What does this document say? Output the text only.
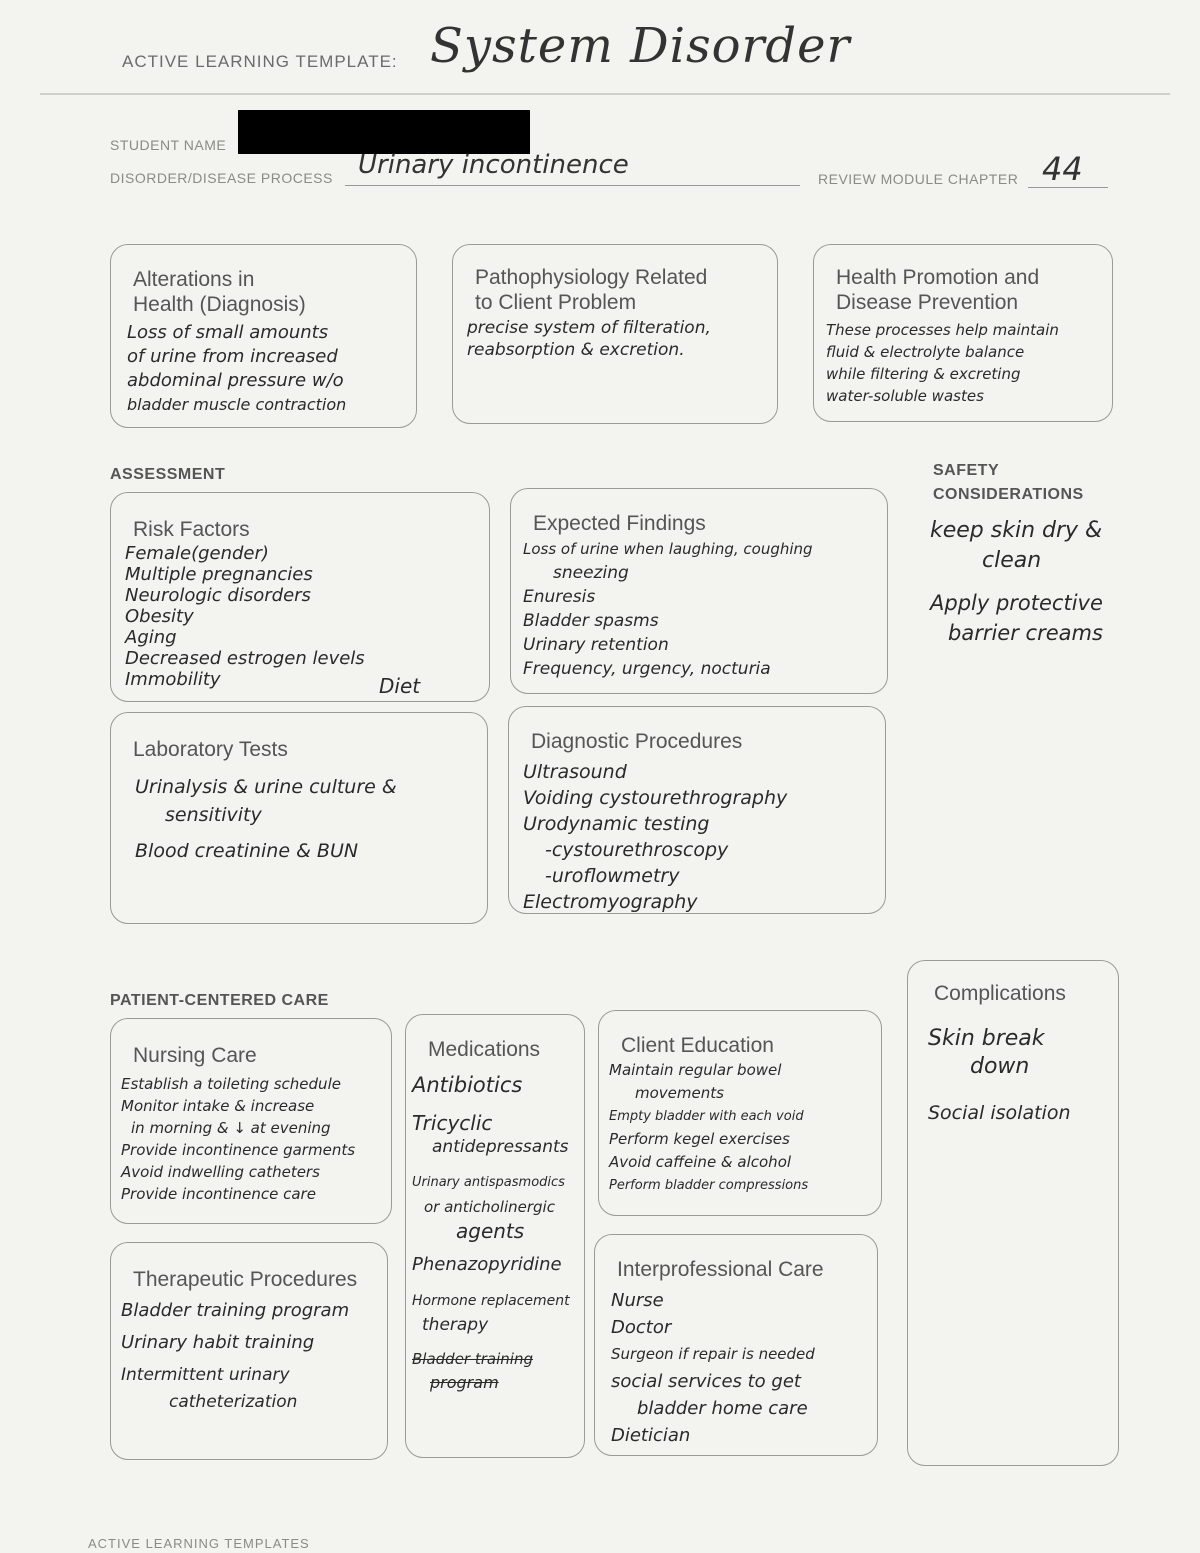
ACTIVE LEARNING TEMPLATE: System Disorder
STUDENT NAME
DISORDER/DISEASE PROCESS Urinary incontinence	REVIEW MODULE CHAPTER 44
Alterations in
Health (Diagnosis)
Loss of small amounts
of urine from increased
abdominal pressure w/o
bladder muscle contraction
Pathophysiology Related
to Client Problem
precise system of filteration,
reabsorption & excretion.
Health Promotion and
Disease Prevention
These processes help maintain
fluid & electrolyte balance
while filtering & excreting
water-soluble wastes
ASSESSMENT
Risk Factors
Female(gender)
Multiple pregnancies
Neurologic disorders
Obesity
Aging
Decreased estrogen levels
Immobility	Diet
Expected Findings
Loss of urine when laughing, coughing
sneezing
Enuresis
Bladder spasms
Urinary retention
Frequency, urgency, nocturia
Laboratory Tests
Urinalysis & urine culture &
sensitivity
Blood creatinine & BUN
Diagnostic Procedures
Ultrasound
Voiding cystourethrography
Urodynamic testing
-cystourethroscopy
-uroflowmetry
Electromyography
SAFETY
CONSIDERATIONS
keep skin dry &
clean
Apply protective
barrier creams
PATIENT-CENTERED CARE
Nursing Care
Establish a toileting schedule
Monitor intake & increase
in morning & ↓ at evening
Provide incontinence garments
Avoid indwelling catheters
Provide incontinence care
Medications
Antibiotics
Tricyclic
antidepressants
Urinary antispasmodics
or anticholinergic
agents
Phenazopyridine
Hormone replacement
therapy
Bladder training
program
Client Education
Maintain regular bowel
movements
Empty bladder with each void
Perform kegel exercises
Avoid caffeine & alcohol
Perform bladder compressions
Therapeutic Procedures
Bladder training program
Urinary habit training
Intermittent urinary
catheterization
Interprofessional Care
Nurse
Doctor
Surgeon if repair is needed
social services to get
bladder home care
Dietician
Complications
Skin break
down
Social isolation
ACTIVE LEARNING TEMPLATES
